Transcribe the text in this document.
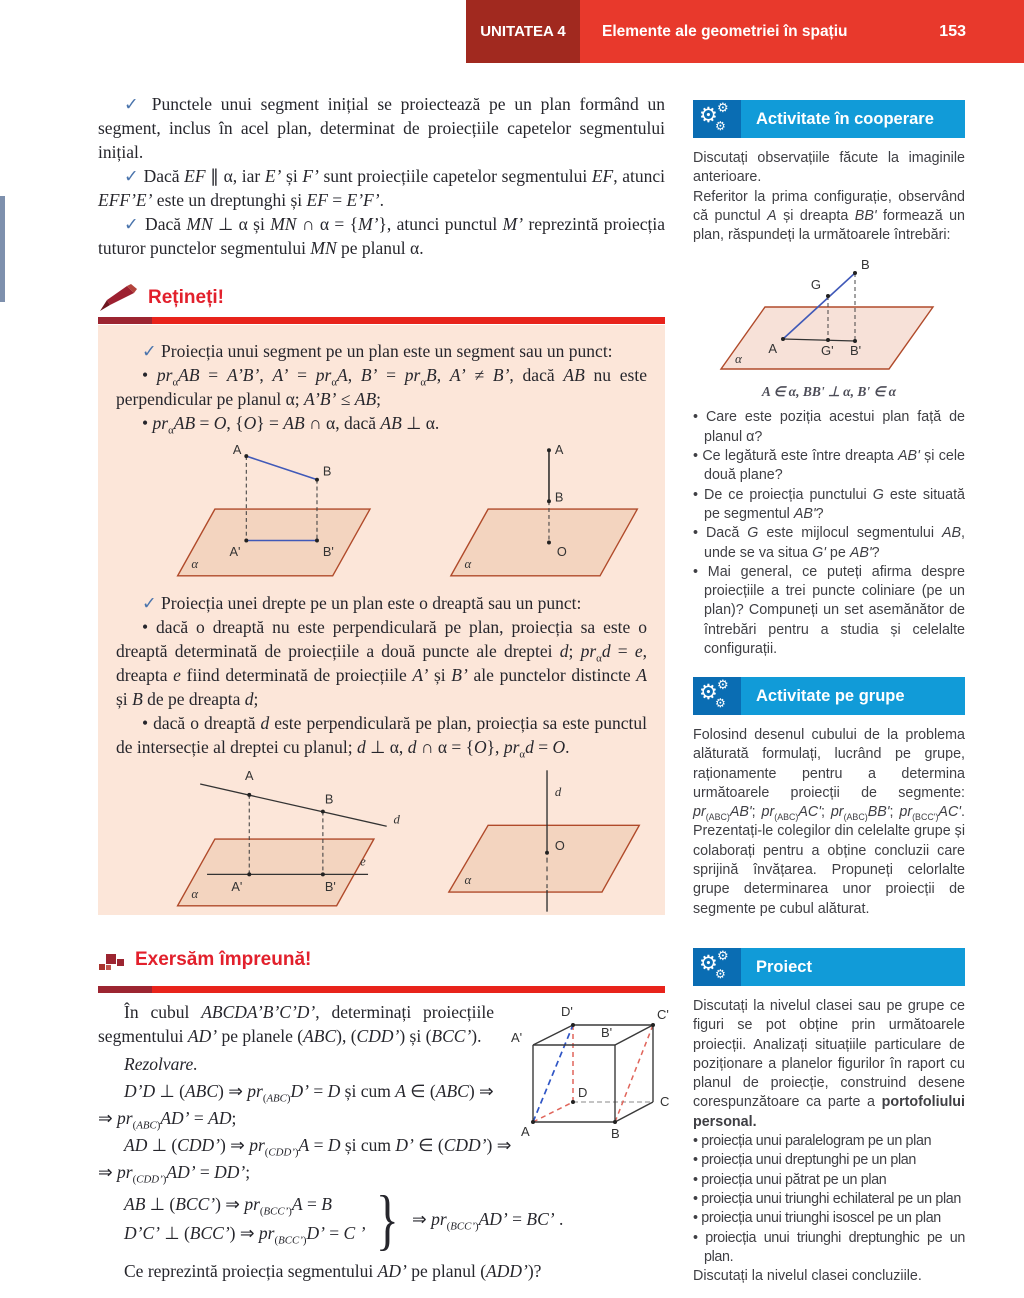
UNITATEA 4	Elemente ale geometriei în spațiu	153

✓ Punctele unui segment inițial se proiectează pe un plan formând un segment, inclus în acel plan, determinat de proiecțiile capetelor segmentului inițial.

✓ Dacă EF ∥ α, iar E’ și F’ sunt proiecțiile capetelor segmentului EF, atunci EFF’E’ este un dreptunghi și EF = E’F’.

✓ Dacă MN ⊥ α și MN ∩ α = {M’}, atunci punctul M’ reprezintă proiecția tuturor punctelor segmentului MN pe planul α.

Rețineți!

✓ Proiecția unui segment pe un plan este un segment sau un punct:

• $pr_\alpha AB$ = A’B’, A’ = $pr_\alpha A$, B’ = $pr_\alpha B$, A’ ≠ B’, dacă AB nu este perpendicular pe planul α; A’B’ ≤ AB;

• $pr_\alpha AB = O$, {O} = AB ∩ α, dacă AB ⊥ α.

A
B
A'	B'
α
A
B
O
α

✓ Proiecția unei drepte pe un plan este o dreaptă sau un punct:

• dacă o dreaptă nu este perpendiculară pe plan, proiecția sa este o dreaptă determinată de proiecțiile a două puncte ale dreptei d; $pr_\alpha d = e$, dreapta e fiind determinată de proiecțiile A’ și B’ ale punctelor distincte A și B de pe dreapta d;

• dacă o dreaptă d este perpendiculară pe plan, proiecția sa este punctul de intersecție al dreptei cu planul; d ⊥ α, d ∩ α = {O}, $pr_\alpha d = O$.

A
B
d
e
A'	B'
α
d
O
α
Exersăm împreună!

În cubul ABCDA’B’C’D’, determinați proiecțiile segmentului AD’ pe planele (ABC), (CDD’) și (BCC’).

A	B
C
D
A'	B'
C'
D'

Rezolvare.

D’D ⊥ (ABC) ⇒ $pr_{(ABC)}D$’ = D și cum A ∈ (ABC) ⇒

⇒ $pr_{(ABC)}AD$’ = AD;

AD ⊥ (CDD’) ⇒ $pr_{(CDD’)}A = D$ și cum D’ ∈ (CDD’) ⇒

⇒ $pr_{(CDD’)}AD$’ = DD’;

AB ⊥ (BCC’) ⇒ $pr_{(BCC’)}A = B$

D’C’ ⊥ (BCC’) ⇒ $pr_{(BCC’)}D$’ = C ’ } ⇒ $pr_{(BCC’)}AD$’ = BC’ .

Ce reprezintă proiecția segmentului AD’ pe planul (ADD’)?

⚙ ⚙
⚙	Activitate în cooperare

Discutați observațiile făcute la imaginile anterioare.

Referitor la prima configurație, observând că punctul A și dreapta BB' formează un plan, răspundeți la următoarele întrebări:

A
B
G
G' B'
α
A ∈ α, BB' ⊥ α, B' ∈ α

• Care este poziția acestui plan față de planul α?

• Ce legătură este între dreapta AB' și cele două plane?

• De ce proiecția punctului G este situată pe segmentul AB'?

• Dacă G este mijlocul segmentului AB, unde se va situa G' pe AB'?

• Mai general, ce puteți afirma despre proiecțiile a trei puncte coliniare (pe un plan)? Compuneți un set asemănător de întrebări pentru a studia și celelalte configurații.

⚙ ⚙
⚙	Activitate pe grupe

Folosind desenul cubului de la problema alăturată formulați, lucrând pe grupe, raționamente pentru a determina următoarele proiecții de segmente: $pr_{(ABC)}AB'$; $pr_{(ABC)}AC'$; $pr_{(ABC)}BB'$; $pr_{(BCC')}AC'$. Prezentați-le colegilor din celelalte grupe și colaborați pentru a obține concluzii care sprijină învățarea. Propuneți celorlalte grupe determinarea unor proiecții de segmente pe cubul alăturat.

⚙ ⚙
⚙	Proiect

Discutați la nivelul clasei sau pe grupe ce figuri se pot obține prin următoarele proiecții. Analizați situațiile particulare de poziționare a planelor figurilor în raport cu planul de proiecție, construind desene corespunzătoare ca parte a portofoliului personal.

• proiecția unui paralelogram pe un plan

• proiecția unui dreptunghi pe un plan

• proiecția unui pătrat pe un plan

• proiecția unui triunghi echilateral pe un plan

• proiecția unui triunghi isoscel pe un plan

• proiecția unui triunghi dreptunghic pe un plan.

Discutați la nivelul clasei concluziile.
